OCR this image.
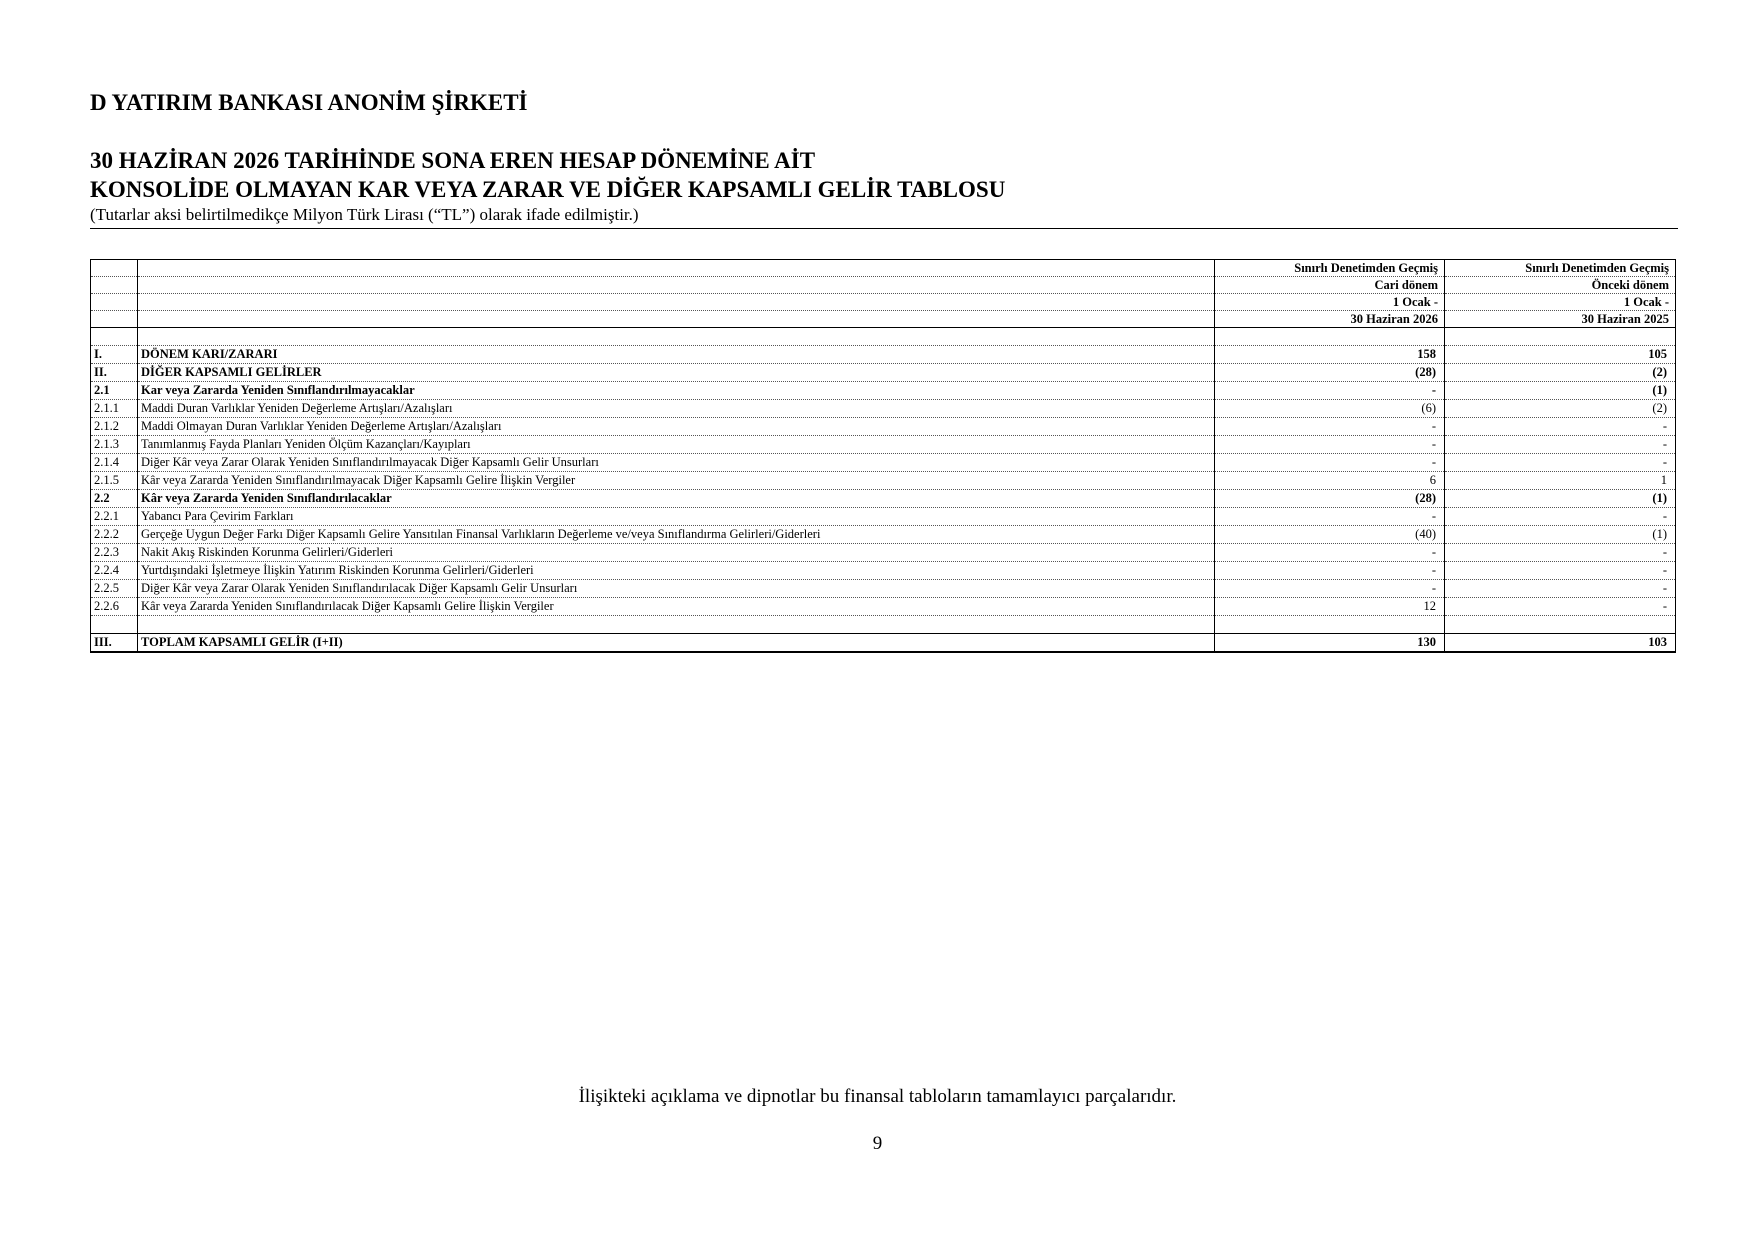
D YATIRIM BANKASI ANONİM ŞİRKETİ
30 HAZİRAN 2026 TARİHİNDE SONA EREN HESAP DÖNEMİNE AİT
KONSOLİDE OLMAYAN KAR VEYA ZARAR VE DİĞER KAPSAMLI GELİR TABLOSU

(Tutarlar aksi belirtilmedikçe Milyon Türk Lirası (“TL”) olarak ifade edilmiştir.)

		Sınırlı Denetimden Geçmiş	Sınırlı Denetimden Geçmiş
		Cari dönem	Önceki dönem
		1 Ocak -	1 Ocak -
		30 Haziran 2026	30 Haziran 2025

I.	DÖNEM KARI/ZARARI	158	105
II.	DİĞER KAPSAMLI GELİRLER	(28)	(2)
2.1	Kar veya Zararda Yeniden Sınıflandırılmayacaklar	-	(1)
2.1.1	Maddi Duran Varlıklar Yeniden Değerleme Artışları/Azalışları	(6)	(2)
2.1.2	Maddi Olmayan Duran Varlıklar Yeniden Değerleme Artışları/Azalışları	-	-
2.1.3	Tanımlanmış Fayda Planları Yeniden Ölçüm Kazançları/Kayıpları	-	-
2.1.4	Diğer Kâr veya Zarar Olarak Yeniden Sınıflandırılmayacak Diğer Kapsamlı Gelir Unsurları	-	-
2.1.5	Kâr veya Zararda Yeniden Sınıflandırılmayacak Diğer Kapsamlı Gelire İlişkin Vergiler	6	1
2.2	Kâr veya Zararda Yeniden Sınıflandırılacaklar	(28)	(1)
2.2.1	Yabancı Para Çevirim Farkları	-	-
2.2.2	Gerçeğe Uygun Değer Farkı Diğer Kapsamlı Gelire Yansıtılan Finansal Varlıkların Değerleme ve/veya Sınıflandırma Gelirleri/Giderleri	(40)	(1)
2.2.3	Nakit Akış Riskinden Korunma Gelirleri/Giderleri	-	-
2.2.4	Yurtdışındaki İşletmeye İlişkin Yatırım Riskinden Korunma Gelirleri/Giderleri	-	-
2.2.5	Diğer Kâr veya Zarar Olarak Yeniden Sınıflandırılacak Diğer Kapsamlı Gelir Unsurları	-	-
2.2.6	Kâr veya Zararda Yeniden Sınıflandırılacak Diğer Kapsamlı Gelire İlişkin Vergiler	12	-

III.	TOPLAM KAPSAMLI GELİR (I+II)	130	103

İlişikteki açıklama ve dipnotlar bu finansal tabloların tamamlayıcı parçalarıdır.

9
